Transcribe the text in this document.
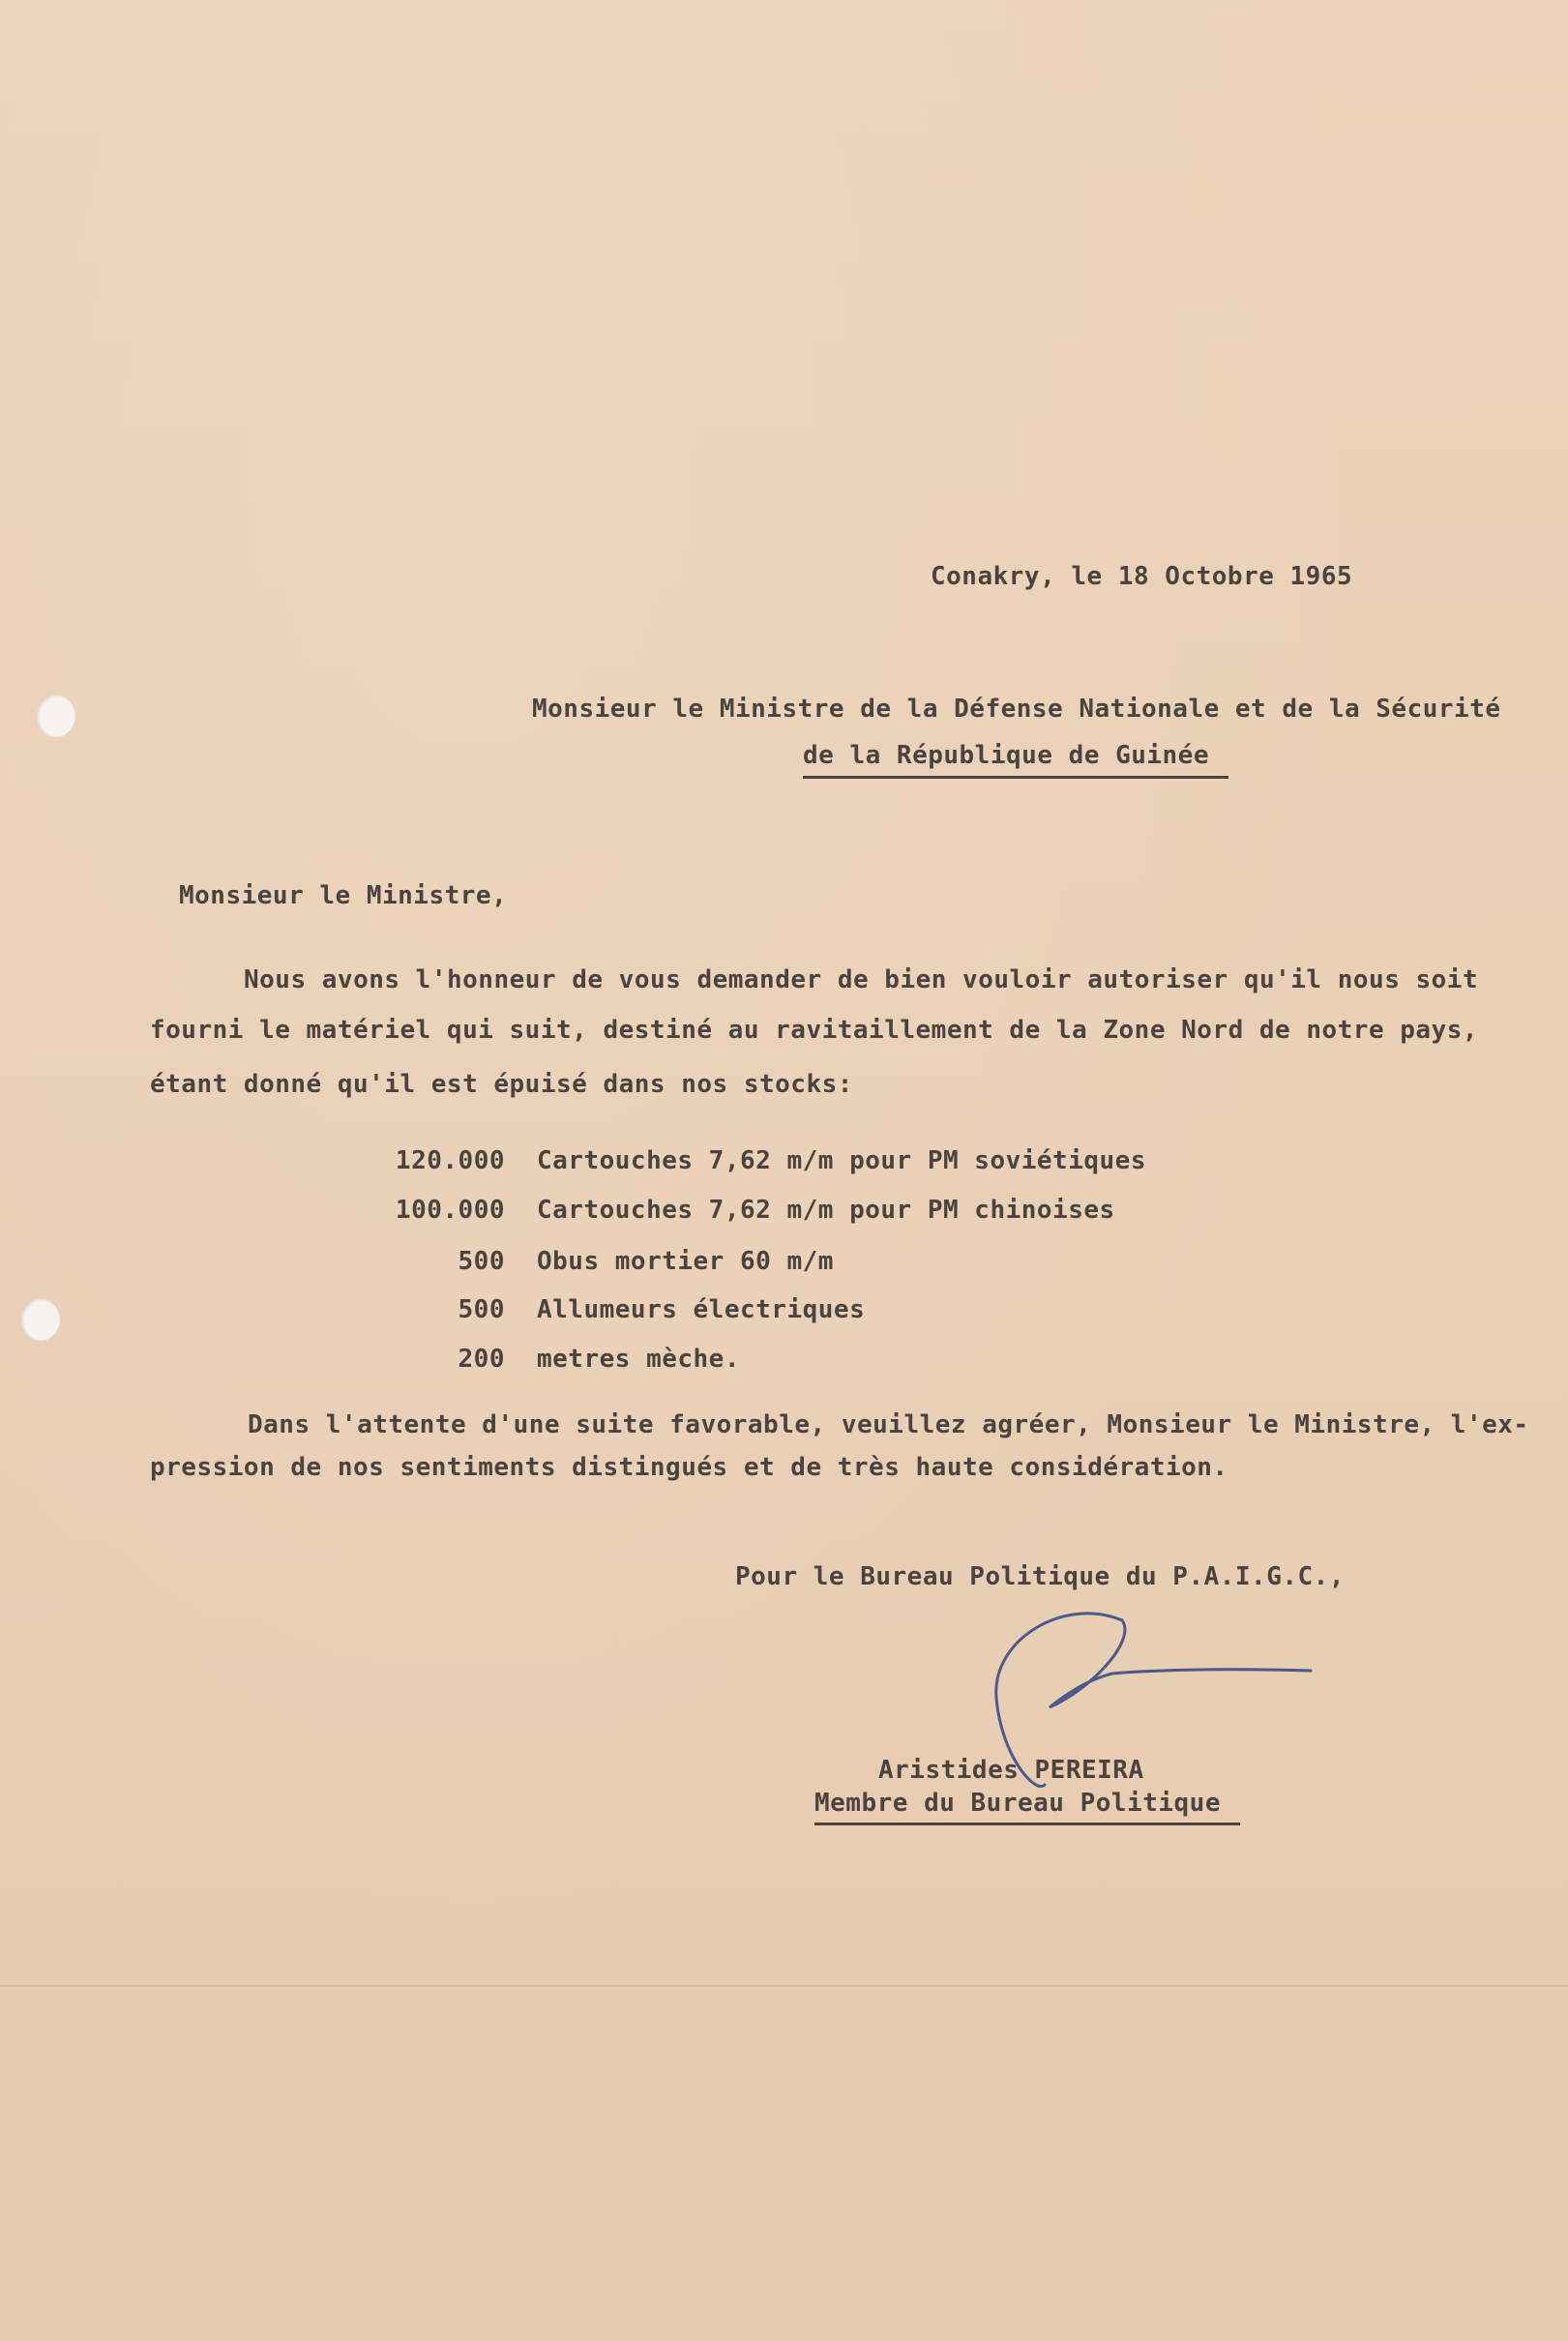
Conakry, le 18 Octobre 1965
Monsieur le Ministre de la Défense Nationale et de la Sécurité
de la République de Guinée
Monsieur le Ministre,
Nous avons l'honneur de vous demander de bien vouloir autoriser qu'il nous soit
fourni le matériel qui suit, destiné au ravitaillement de la Zone Nord de notre pays,
étant donné qu'il est épuisé dans nos stocks:
120.000 Cartouches 7,62 m/m pour PM soviétiques
100.000 Cartouches 7,62 m/m pour PM chinoises
500 Obus mortier 60 m/m
500 Allumeurs électriques
200 metres mèche.
Dans l'attente d'une suite favorable, veuillez agréer, Monsieur le Ministre, l'ex-
pression de nos sentiments distingués et de très haute considération.
Pour le Bureau Politique du P.A.I.G.C.,
Aristides PEREIRA
Membre du Bureau Politique
